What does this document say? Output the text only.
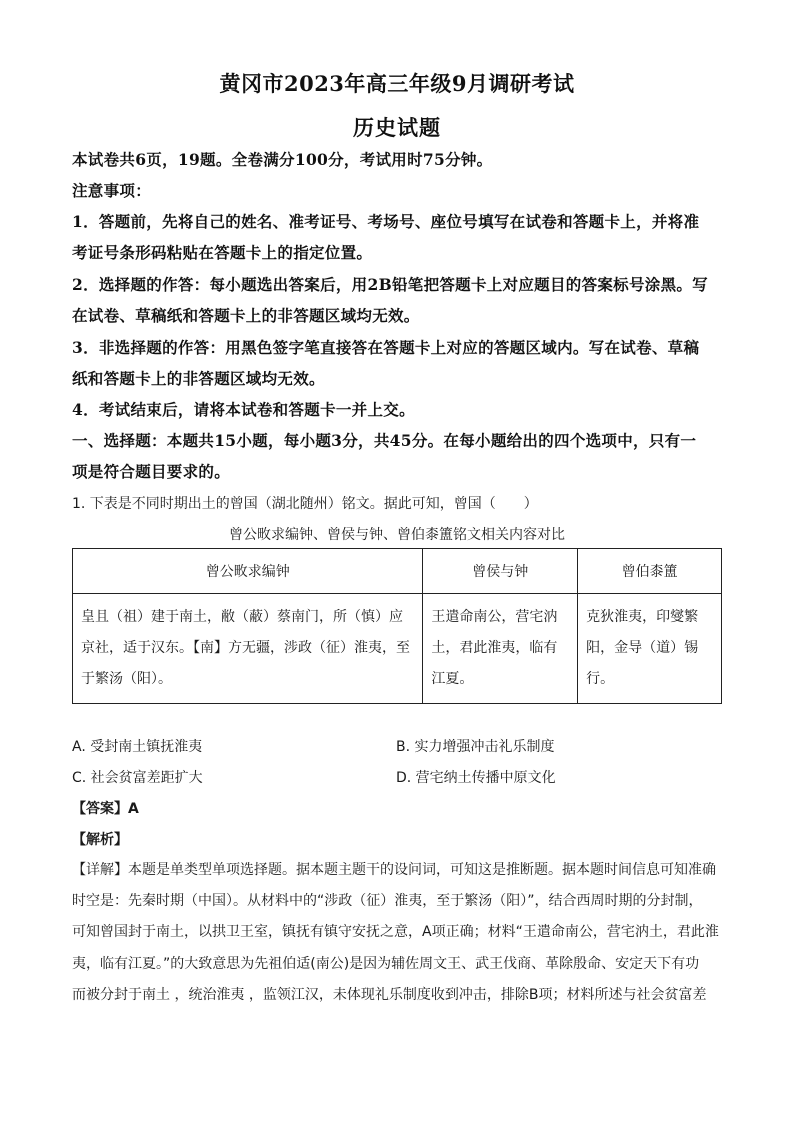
黄冈市2023年高三年级9月调研考试
历史试题
本试卷共6页，19题。全卷满分100分，考试用时75分钟。
注意事项：
1．答题前，先将自己的姓名、准考证号、考场号、座位号填写在试卷和答题卡上，并将准
考证号条形码粘贴在答题卡上的指定位置。
2．选择题的作答：每小题选出答案后，用2B铅笔把答题卡上对应题目的答案标号涂黑。写
在试卷、草稿纸和答题卡上的非答题区域均无效。
3．非选择题的作答：用黑色签字笔直接答在答题卡上对应的答题区域内。写在试卷、草稿
纸和答题卡上的非答题区域均无效。
4．考试结束后，请将本试卷和答题卡一并上交。
一、选择题：本题共15小题，每小题3分，共45分。在每小题给出的四个选项中，只有一
项是符合题目要求的。
1. 下表是不同时期出土的曾国（湖北随州）铭文。据此可知，曾国（　　）
曾公畋求编钟、曾侯与钟、曾伯桼簠铭文相关内容对比
曾公畋求编钟	曾侯与钟	曾伯桼簠
皇且（祖）建于南土，敝（蔽）蔡南门，所（慎）应京社，适于汉东。【南】方无疆，涉政（征）淮夷，至于繁汤（阳）。	王遣命南公，营宅汭土，君此淮夷，临有江夏。	克狄淮夷，印燮繁阳，金导（道）锡行。
A. 受封南土镇抚淮夷	B. 实力增强冲击礼乐制度
C. 社会贫富差距扩大	D. 营宅纳土传播中原文化
【答案】A
【解析】
【详解】本题是单类型单项选择题。据本题主题干的设问词，可知这是推断题。据本题时间信息可知准确
时空是：先秦时期（中国）。从材料中的“涉政（征）淮夷，至于繁汤（阳）”，结合西周时期的分封制，
可知曾国封于南土，以拱卫王室，镇抚有镇守安抚之意，A项正确；材料“王遣命南公，营宅汭土，君此淮
夷，临有江夏。”的大致意思为先祖伯适(南公)是因为辅佐周文王、武王伐商、革除殷命、安定天下有功
而被分封于南土 ，统治淮夷 ，监领江汉，未体现礼乐制度收到冲击，排除B项；材料所述与社会贫富差
